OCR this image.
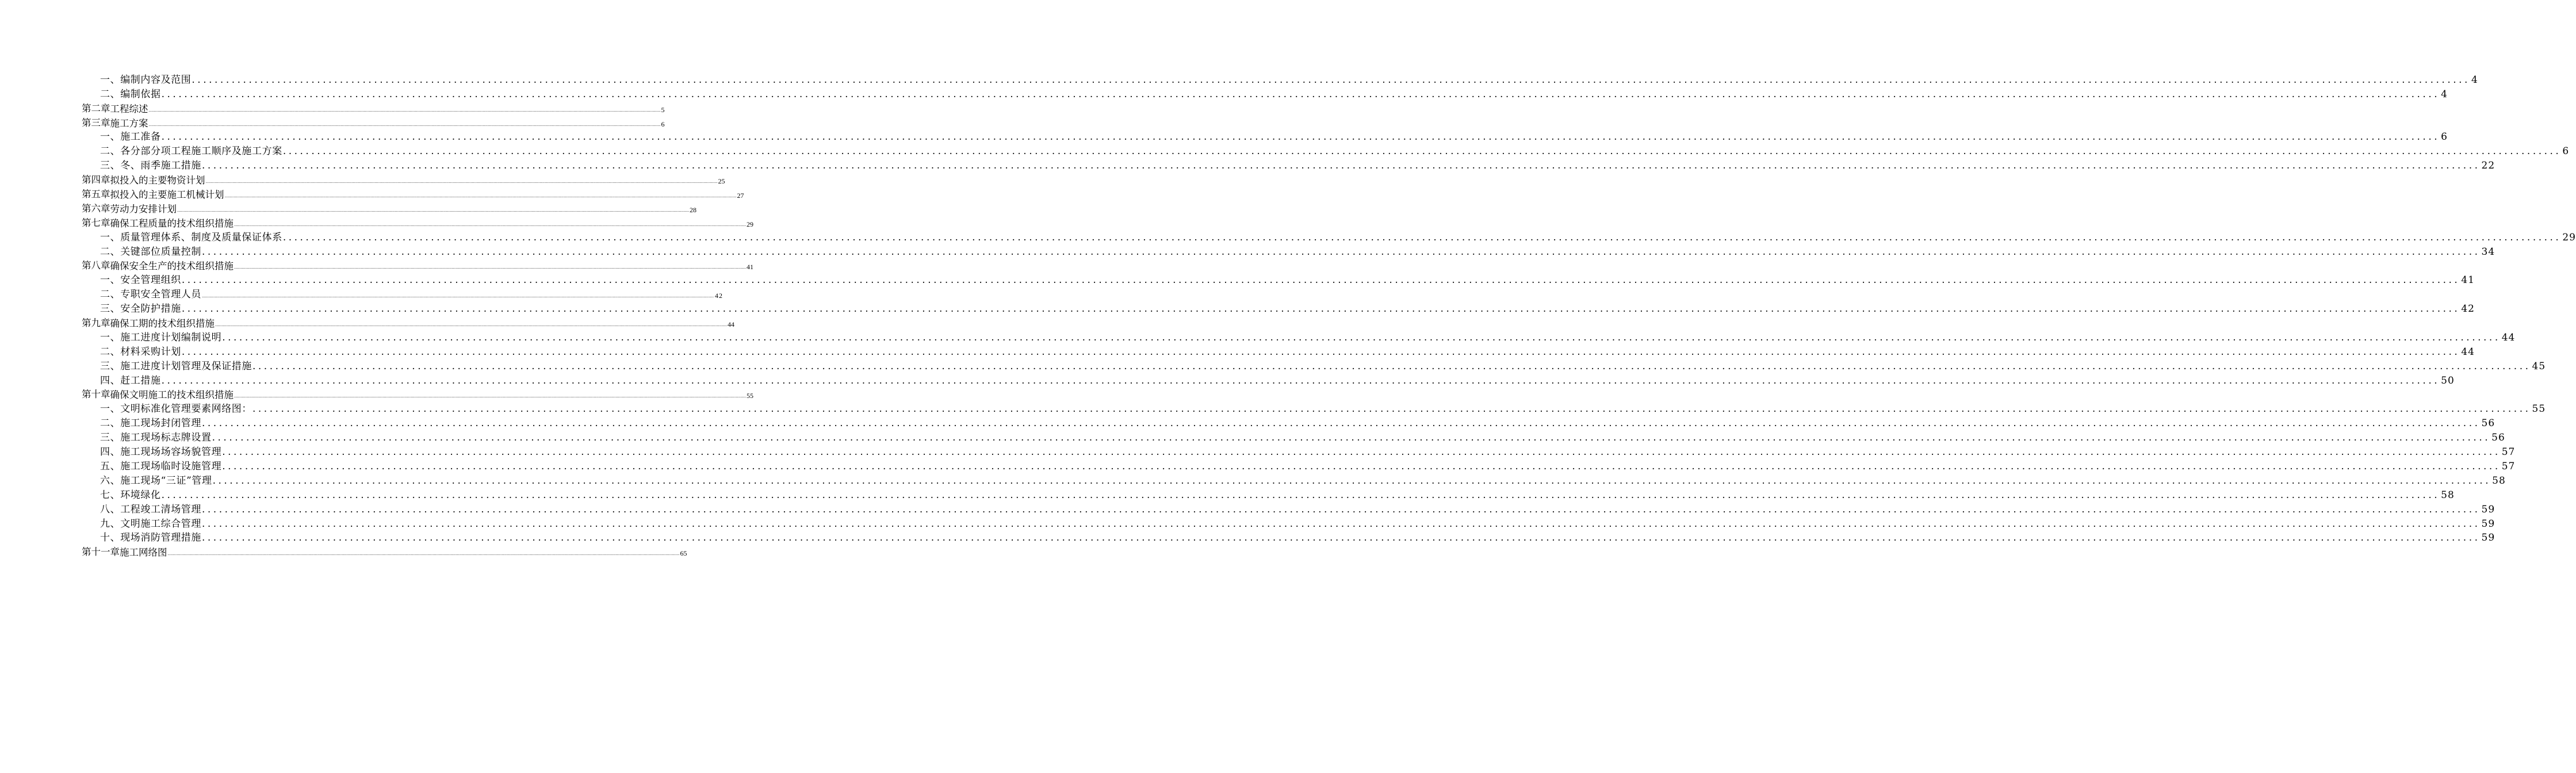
一、编制内容及范围 ................................................................................................................................................................................................................................................................................................................................................................................................................ 4
二、编制依据 ................................................................................................................................................................................................................................................................................................................................................................................................................ 4
第二章 工程综述 ................................................................................................................................................................................................................................................................................................................................................................................................................ 5
第三章 施工方案 ................................................................................................................................................................................................................................................................................................................................................................................................................ 6
一、施工准备 ................................................................................................................................................................................................................................................................................................................................................................................................................ 6
二、各分部分项工程施工顺序及施工方案 ................................................................................................................................................................................................................................................................................................................................................................................................................ 6
三、冬、雨季施工措施 ................................................................................................................................................................................................................................................................................................................................................................................................................ 22
第四章 拟投入的主要物资计划 ................................................................................................................................................................................................................................................................................................................................................................................................................ 25
第五章 拟投入的主要施工机械计划 ................................................................................................................................................................................................................................................................................................................................................................................................................ 27
第六章 劳动力安排计划 ................................................................................................................................................................................................................................................................................................................................................................................................................ 28
第七章 确保工程质量的技术组织措施 ................................................................................................................................................................................................................................................................................................................................................................................................................ 29
一、质量管理体系、制度及质量保证体系 ................................................................................................................................................................................................................................................................................................................................................................................................................ 29
二、关键部位质量控制 ................................................................................................................................................................................................................................................................................................................................................................................................................ 34
第八章 确保安全生产的技术组织措施 ................................................................................................................................................................................................................................................................................................................................................................................................................ 41
一、安全管理组织 ................................................................................................................................................................................................................................................................................................................................................................................................................ 41
二、专职安全管理人员 ................................................................................................................................................................................................................................................................................................................................................................................................................ 42
三、安全防护措施 ................................................................................................................................................................................................................................................................................................................................................................................................................ 42
第九章 确保工期的技术组织措施 ................................................................................................................................................................................................................................................................................................................................................................................................................ 44
一、施工进度计划编制说明 ................................................................................................................................................................................................................................................................................................................................................................................................................ 44
二、材料采购计划 ................................................................................................................................................................................................................................................................................................................................................................................................................ 44
三、施工进度计划管理及保证措施 ................................................................................................................................................................................................................................................................................................................................................................................................................ 45
四、赶工措施 ................................................................................................................................................................................................................................................................................................................................................................................................................ 50
第十章 确保文明施工的技术组织措施 ................................................................................................................................................................................................................................................................................................................................................................................................................ 55
一、文明标准化管理要素网络图： ................................................................................................................................................................................................................................................................................................................................................................................................................ 55
二、施工现场封闭管理 ................................................................................................................................................................................................................................................................................................................................................................................................................ 56
三、施工现场标志牌设置 ................................................................................................................................................................................................................................................................................................................................................................................................................ 56
四、施工现场场容场貌管理 ................................................................................................................................................................................................................................................................................................................................................................................................................ 57
五、施工现场临时设施管理 ................................................................................................................................................................................................................................................................................................................................................................................................................ 57
六、施工现场“三证”管理 ................................................................................................................................................................................................................................................................................................................................................................................................................ 58
七、环境绿化 ................................................................................................................................................................................................................................................................................................................................................................................................................ 58
八、工程竣工清场管理 ................................................................................................................................................................................................................................................................................................................................................................................................................ 59
九、文明施工综合管理 ................................................................................................................................................................................................................................................................................................................................................................................................................ 59
十、现场消防管理措施 ................................................................................................................................................................................................................................................................................................................................................................................................................ 59
第十一章 施工网络图 ................................................................................................................................................................................................................................................................................................................................................................................................................ 65
